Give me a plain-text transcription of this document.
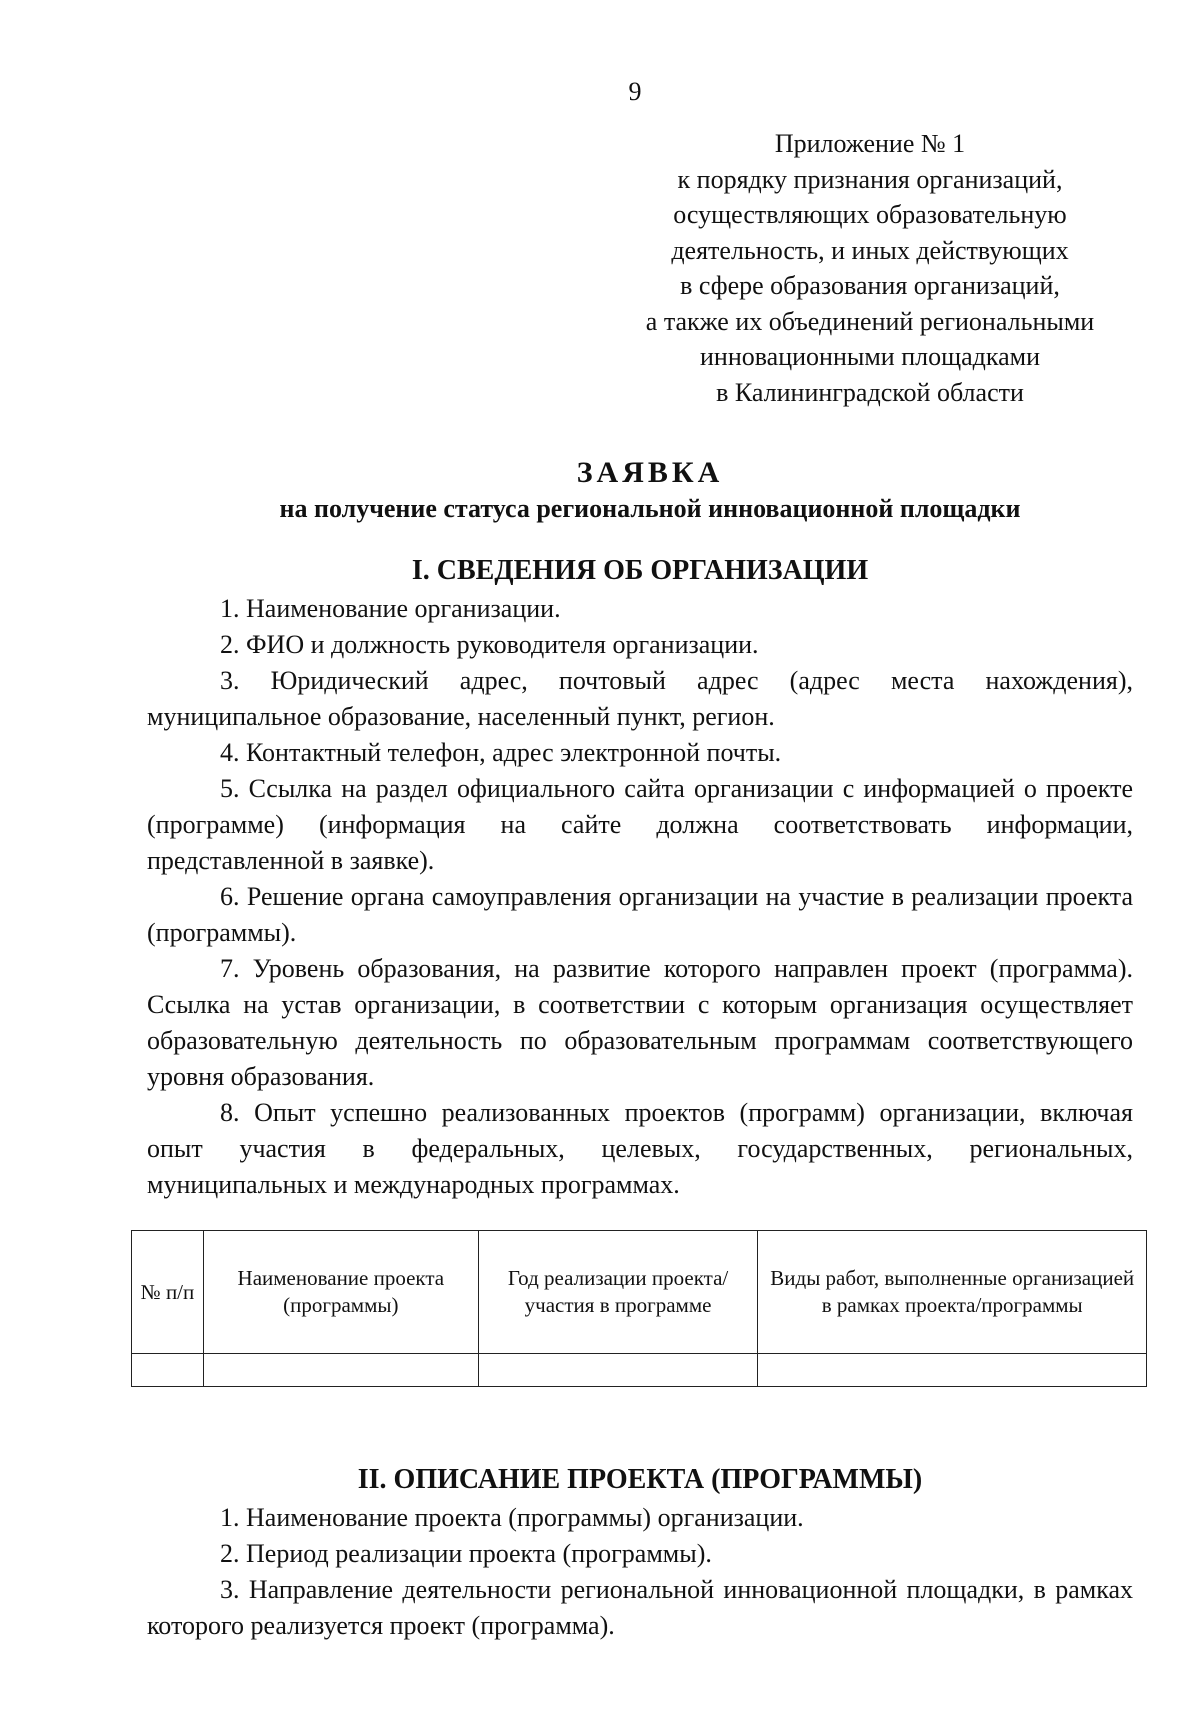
9
Приложение № 1
к порядку признания организаций,
осуществляющих образовательную
деятельность, и иных действующих
в сфере образования организаций,
а также их объединений региональными
инновационными площадками
в Калининградской области
ЗАЯВКА
на получение статуса региональной инновационной площадки
I. СВЕДЕНИЯ ОБ ОРГАНИЗАЦИИ
1. Наименование организации.
2. ФИО и должность руководителя организации.
3. Юридический адрес, почтовый адрес (адрес места нахождения), муниципальное образование, населенный пункт, регион.
4. Контактный телефон, адрес электронной почты.
5. Ссылка на раздел официального сайта организации с информацией о проекте (программе) (информация на сайте должна соответствовать информации, представленной в заявке).
6. Решение органа самоуправления организации на участие в реализации проекта (программы).
7. Уровень образования, на развитие которого направлен проект (программа). Ссылка на устав организации, в соответствии с которым организация осуществляет образовательную деятельность по образовательным программам соответствующего уровня образования.
8. Опыт успешно реализованных проектов (программ) организации, включая опыт участия в федеральных, целевых, государственных, региональных, муниципальных и международных программах.
№ п/п	Наименование проекта (программы)	Год реализации проекта/участия в программе	Виды работ, выполненные организацией в рамках проекта/программы

II. ОПИСАНИЕ ПРОЕКТА (ПРОГРАММЫ)
1. Наименование проекта (программы) организации.
2. Период реализации проекта (программы).
3. Направление деятельности региональной инновационной площадки, в рамках которого реализуется проект (программа).
